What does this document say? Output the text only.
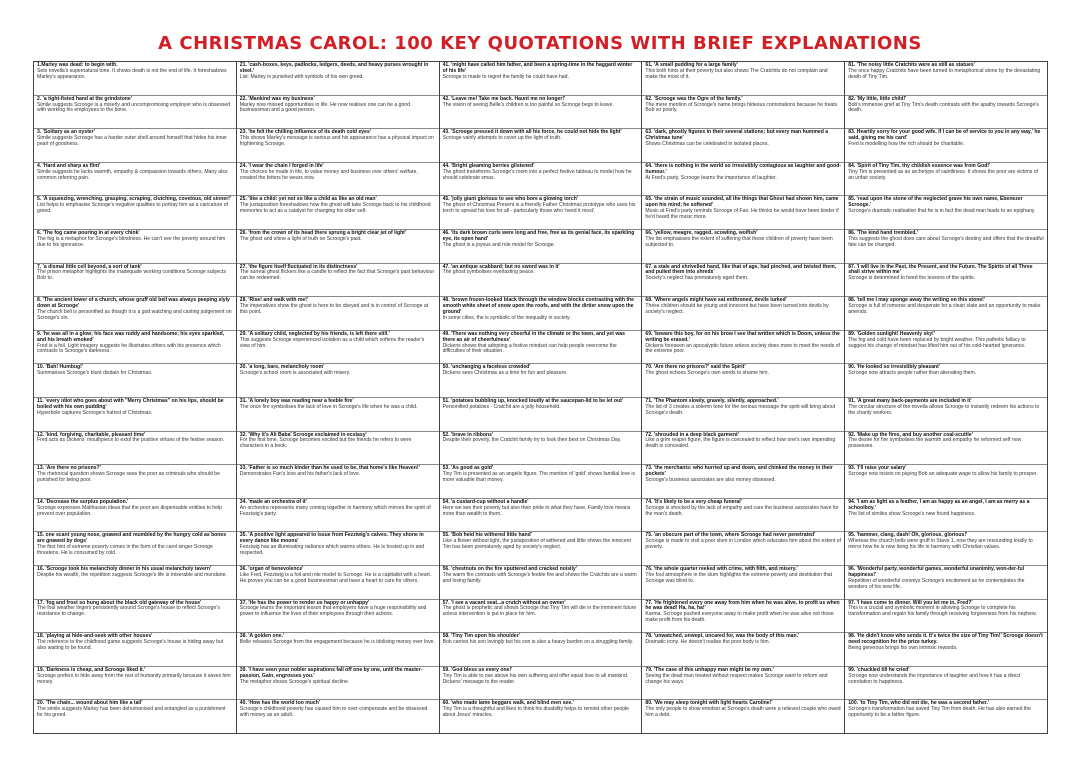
A CHRISTMAS CAROL: 100 KEY QUOTATIONS WITH BRIEF EXPLANATIONS
1.Marley was dead: to begin with.
Sets novella's supernatural tone. It shows death is not the end of life. It foreshadows Marley's appearance.
2. 'a tight-fisted hand at the grindstone'
Simile suggests Scrooge is a miserly and uncompromising employer who is obsessed with working his employees to the bone.
3. 'Solitary as an oyster'
Simile suggests Scrooge has a harder outer shell around himself that hides his inner pearl of goodness.
4. 'Hard and sharp as flint'
Simile suggests he lacks warmth, empathy & compassion towards others. Many also common referring pain.
5. 'A squeezing, wrenching, grasping, scraping, clutching, covetous, old sinner!'
List helps to emphasise Scrooge's negative qualities to portray him as a caricature of greed.
6. 'The fog came pouring in at every chink'
The fog is a metaphor for Scrooge's blindness. He can't see the poverty around him due to his ignorance.
7. 'a dismal little cell beyond, a sort of tank'
The prison metaphor highlights the inadequate working conditions Scrooge subjects Bob to.
8. 'The ancient tower of a church, whose gruff old bell was always peeping slyly down at Scrooge'
The church bell is personified as though it is a god watching and casting judgement on Scrooge's sin.
9. 'he was all in a glow; his face was ruddy and handsome; his eyes sparkled, and his breath smoked'
Fred is a foil. Light imagery suggests he illustrates others with his presence which contrasts to Scrooge's darkness.
10. 'Bah! Humbug!'
Summarises Scrooge's blunt disdain for Christmas.
11. 'every idiot who goes about with "Merry Christmas" on his lips, should be boiled with his own pudding'
Hyperbole captures Scrooge's hatred of Christmas.
12. 'kind, forgiving, charitable, pleasant time'
Fred acts as Dickens' mouthpiece to extol the positive virtues of the festive season.
13. 'Are there no prisons?'
The rhetorical question shows Scrooge sees the poor as criminals who should be punished for being poor.
14. 'Decrease the surplus population.'
Scrooge expresses Malthusian ideas that the poor are dispensable entities to help prevent over population.
15. one scant young nose, gnawed and mumbled by the hungry cold as bones are gnawed by dogs'
The first hint of extreme poverty comes in the form of the carol singer Scrooge threatens. He is consumed by cold.
16. 'Scrooge took his melancholy dinner in his usual melancholy tavern'
Despite his wealth, the repetition suggests Scrooge's life is miserable and mundane.
17. 'fog and frost so hung about the black old gateway of the house'
The foul weather lingers persistently around Scrooge's house to reflect Scrooge's resistance to change.
18. 'playing at hide-and-seek with other houses'
The reference to the childhood game suggests Scrooge's house is hiding away but also waiting to be found.
19. 'Darkness is cheap, and Scrooge liked it.'
Scrooge prefers to hide away from the rest of humanity primarily because it saves him money.
20. 'The chain... wound about him like a tail'
The simile suggests Marley has been dehumanised and entangled as a punishment for his greed.
21. 'cash-boxes, keys, padlocks, ledgers, deeds, and heavy purses wrought in steel.'
List: Marley is punished with symbols of his own greed.
22. 'Mankind was my business'
Marley now missed opportunities in life. He now realises one can be a good businessman and a good person.
23. 'he felt the chilling influence of its death cold eyes'
This shows Marley's message is serious and his appearance has a physical impact on frightening Scrooge.
24. 'I wear the chain I forged in life'
The choices he made in life, to value money and business over others' welfare, created the fetters he wears now.
25. 'like a child: yet not so like a child as like an old man'
The juxtaposition foreshadows how the ghost will take Scrooge back to his childhood memories to act as a catalyst for changing his older self.
26. 'from the crown of its head there sprung a bright clear jet of light'
The ghost and shine a light of truth on Scrooge's past.
27. 'the figure itself fluctuated in its distinctness'
The surreal ghost flickers like a candle to reflect the fact that Scrooge's past behaviour can be redeemed.
28. 'Rise! and walk with me!'
The imperatives show the ghost is here to be obeyed and is in control of Scrooge at this point.
29. 'A solitary child, neglected by his friends, is left there still.'
This suggests Scrooge experienced isolation as a child which softens the reader's view of him.
30. 'a long, bare, melancholy room'
Scrooge's school room is associated with misery.
31. 'A lonely boy was reading near a feeble fire'
The once fire symbolises the lack of love in Scrooge's life when he was a child.
32. 'Why it's Ali Baba' Scrooge exclaimed in ecstasy'
For the first time, Scrooge becomes excited but the friends he refers to were characters in a book.
33. 'Father is so much kinder than he used to be, that home's like Heaven!'
Demonstrates Fan's love and his father's lack of love.
34. 'made an orchestra of it'
An orchestra represents many coming together in harmony which mirrors the spirit of Fezziwig's party.
35. 'A positive light appeared to issue from Fezziwig's calves. They shone in every dance like moons'
Fezziwig has an illuminating radiance which warms others. He is hosted up in and respected.
36. 'organ of benevolence'
Like Fred, Fezziwig is a foil and role model to Scrooge. He is a capitalist with a heart. He proves you can be a good businessman and have a heart to care for others.
37. 'He has the power to render us happy or unhappy'
Scrooge learns the important lesson that employers have a huge responsibility and power to influence the lives of their employees through their actions.
38. 'A golden one.'
Belle releases Scrooge from the engagement because he is idolising money over love.
39. 'I have seen your nobler aspirations fall off one by one, until the master-passion, Gain, engrosses you.'
The metaphor shows Scrooge's spiritual decline.
40. 'How has the world too much'
Scrooge's childhood poverty has caused him to over-compensate and be obsessed with money as an adult.
41. 'might have called him father, and been a spring-time in the haggard winter of his life'
Scrooge is made to regret the family he could have had.
42. 'Leave me! Take me back. Haunt me no longer!'
The vision of seeing Belle's children is too painful so Scrooge begs to leave.
43. 'Scrooge pressed it down with all his force, he could not hide the light'
Scrooge vainly attempts to cover up the light of truth.
44. 'Bright gleaming berries glistened'
The ghost transforms Scrooge's room into a perfect festive tableau to model how he should celebrate xmas.
45. 'jolly giant glorious to see who bore a glowing torch'
The ghost of Christmas Present is a friendly Father Christmas prototype who uses his torch to spread his love for all - particularly those who 'need it most'.
46. 'Its dark brown curls were long and free, free as its genial face, its sparkling eye, its open hand'
The ghost is a joyous and role model for Scrooge.
47. 'an antique scabbard; but no sword was in it'
The ghost symbolises everlasting peace.
48. 'brown frozen-looked black through the window blocks contrasting with the smooth white sheet of snow upon the roofs, and with the dirtier snow upon the ground'
In some cities, the is symbolic of the inequality in society.
49. 'There was nothing very cheerful in the climate or the town, and yet was there an air of cheerfulness'
Dickens shows that adopting a festive mindset can help people overcome the difficulties of their situation.
50. 'unchanging a faceless crowded'
Dickens sees Christmas as a time for fun and pleasure.
51. 'potatoes bubbling up, knocked loudly at the saucepan-lid to be let out'
Personified potatoes - Cratchit are a jolly household.
52. 'brave in ribbons'
Despite their poverty, the Cratchit family try to look their best on Christmas Day.
53. 'As good as gold'
Tiny Tim is presented as an angelic figure. The mention of 'gold' shows familial love is more valuable than money.
54. 'a custard-cup without a handle'
Here we see their poverty but also their pride in what they have. Family love means more than wealth to them.
55. 'Bob held his withered little hand'
Like a flower without light, the juxtaposition of withered and little shows the innocent Tim has been prematurely aged by society's neglect.
56. 'chestnuts on the fire sputtered and cracked noisily'
The warm fire contrasts with Scrooge's feeble fire and shows the Cratchits are a warm and loving family.
57. 'I see a vacant seat...a crutch without an owner'
The ghost is prophetic and shows Scrooge that Tiny Tim will die in the imminent future unless intervention is put in place for him.
58. 'Tiny Tim upon his shoulder'
Bob carries his son lovingly but his son is also a heavy burden on a struggling family.
59. 'God bless us every one!'
Tiny Tim is able to rise above his own suffering and offer equal love to all mankind. Dickens' message to the reader.
60. 'who made lame beggars walk, and blind men see.'
Tiny Tim is a thoughtful and likes to think his disability helps to remind other people about Jesus' miracles.
61. 'A small pudding for a large family'
This both hints at their poverty but also shows The Cratchits do not complain and make the most of it.
62. 'Scrooge was the Ogre of the family.'
The mere mention of Scrooge's name brings hideous connotations because he treats Bob so poorly.
63. 'dark, ghostly figures in their several stations; but every man hummed a Christmas tune'
Shows Christmas can be celebrated in isolated places.
64. 'there is nothing in the world so irresistibly contagious as laughter and good-humour.'
At Fred's party, Scrooge learns the importance of laughter.
65. 'the strain of music sounded, all the things that Ghost had shown him, came upon his mind; he softened'
Music at Fred's party reminds Scrooge of Fan. He thinks he would have been kinder if he'd heard the music more.
66. 'yellow, meagre, ragged, scowling, wolfish'
The list emphasises the extent of suffering that these children of poverty have been subjected to.
67. a stale and shrivelled hand, like that of age, had pinched, and twisted them, and pulled them into shreds'
Society's neglect has prematurely aged them.
68. 'Where angels might have sat enthroned, devils lurked'
These children should be young and innocent but have been turned into devils by society's neglect.
69. 'beware this boy, for on his brow I see that written which is Doom, unless the writing be erased.'
Dickens foreseen an apocalyptic future unless society does more to meet the needs of the extreme poor.
70. 'Are there no prisons?' said the Spirit'
The ghost echoes Scrooge's own words to shame him.
71. 'The Phantom slowly, gravely, silently, approached.'
The list of 3 creates a solemn tone for the serious message the spirit will bring about Scrooge's death.
72. 'shrouded in a deep black garment'
Like a grim reaper figure, the figure is concealed to reflect how one's own impending death is concealed.
73. 'the merchants: who hurried up and down, and chinked the money in their pockets'
Scrooge's business associates are also money obsessed.
74. 'It's likely to be a very cheap funeral'
Scrooge is shocked by the lack of empathy and care the business associates have for the man's death.
75. 'an obscure part of the town, where Scrooge had never penetrated'
Scrooge is made to visit a poor slum in London which educates him about the extent of poverty.
76. 'the whole quarter reeked with crime, with filth, and misery.'
The foul atmosphere in the slum highlights the extreme poverty and destitution that Scrooge was blind to.
77. 'He frightened every one away from him when he was alive, to profit us when he was dead! Ha, ha, ha!'
Karma. Scrooge pushed everyone away to make profit when he was alive not those make profit from his death.
78. 'unwatched, unwept, uncared for, was the body of this man.'
Dramatic irony. He doesn't realise the poor body is him.
79. 'The case of this unhappy man might be my own.'
Seeing the dead man treated without respect makes Scrooge want to reform and change his ways.
80. 'We may sleep tonight with light hearts Caroline!'
The only people to show emotion at Scrooge's death were a relieved couple who owed him a debt.
81. 'The noisy little Cratchits were as still as statues'
The once happy Cratchits have been turned to metaphorical stone by the devastating death of Tiny Tim.
82. 'My little, little child!'
Bob's immense grief at Tiny Tim's death contrasts with the apathy towards Scrooge's death.
83. Heartily sorry for your good wife. If I can be of service to you in any way,' he said, giving me his card'
Fred is modelling how the rich should be charitable.
84. 'Spirit of Tiny Tim, thy childish essence was from God!'
Tiny Tim is presented as an archetype of saintliness. It shows the poor are victims of an unfair society.
85. 'read upon the stone of the neglected grave his own name, Ebenezer Scrooge.'
Scrooge's dramatic realisation that he is in fact the dead man leads to an epiphany.
86. 'The kind hand trembled.'
This suggests the ghost does care about Scrooge's destiny and offers that the dreadful fate can be changed.
87. 'I will live in the Past, the Present, and the Future. The Spirits of all Three shall strive within me'
Scrooge is determined to heed the lessons of the spirits.
88. 'tell me I may sponge away the writing on this stone!'
Scrooge is full of remorse and desperate for a clean slate and an opportunity to make amends.
89. 'Golden sunlight! Heavenly sky!'
The fog and cold have been replaced by bright weather. This pathetic fallacy to suggest his change of mindset has lifted him out of his cold-hearted ignorance.
90. 'He looked so irresistibly pleasant'
Scrooge now attracts people rather than alienating them.
91. 'A great many back-payments are included in it'
The circular structure of the novella allows Scrooge to instantly redeem his actions to the charity workers.
92. 'Make up the fires, and buy another coal-scuttle'
The desire for fire symbolises the warmth and empathy he reformed self now possesses.
93. 'I'll raise your salary'
Scrooge now insists on paying Bob an adequate wage to allow his family to prosper.
94. 'I am as light as a feather, I am as happy as an angel, I am as merry as a schoolboy.'
The list of similes show Scrooge's new found happiness.
95. 'hammer, clang, dash! Oh, glorious, glorious!'
Whereas the church bells were gruff in Stave 1, now they are resounding loudly to mirror how he is now living his life in harmony with Christian values.
96. 'Wonderful party, wonderful games, wonderful unanimity, won-der-ful happiness!'
Repetition of wonderful conveys Scrooge's excitement as he contemplates the wonders of his new life.
97. 'I have come to dinner. Will you let me in, Fred?'
This is a crucial and symbolic moment in allowing Scrooge to complete his transformation and regain his family through receiving forgiveness from his nephew.
98. 'He didn't know who sends it. It's twice the size of Tiny Tim!' Scrooge doesn't need recognition for the prize turkey.
Being generous brings his own intrinsic rewards.
99. 'chuckled till he cried'
Scrooge now understands the importance of laughter and how it has a direct correlation to happiness.
100. 'to Tiny Tim, who did not die, he was a second father.'
Scrooge's transformation has saved Tiny Tim from death. He has also earned the opportunity to be a father figure.
